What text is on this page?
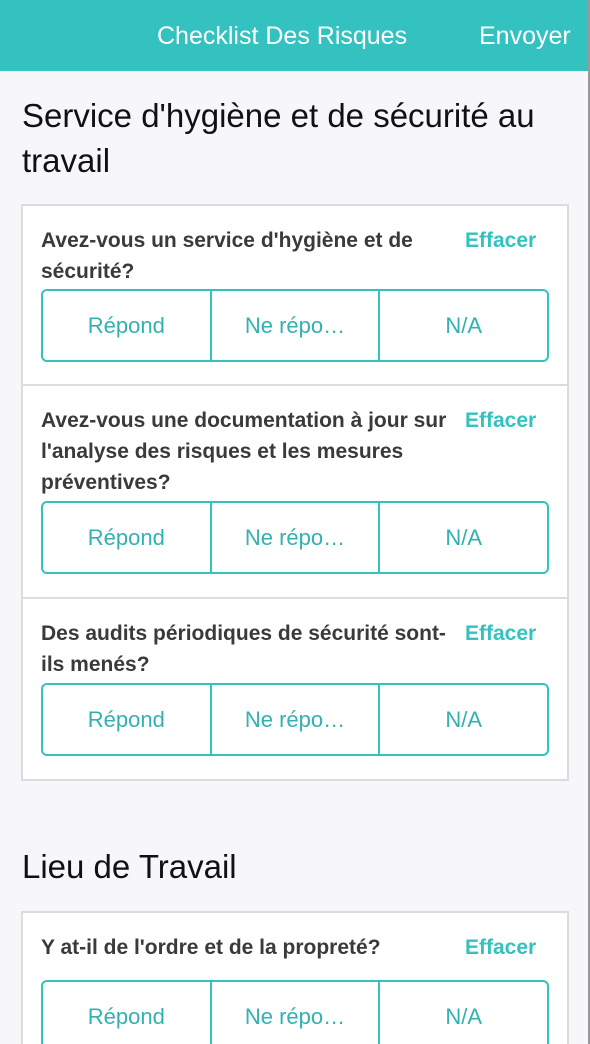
Checklist Des Risques	Envoyer
Service d'hygiène et de sécurité au travail
Avez-vous un service d'hygiène et de sécurité?
Effacer
Répond	Ne répo…	N/A
Avez-vous une documentation à jour sur l'analyse des risques et les mesures préventives?
Effacer
Répond	Ne répo…	N/A
Des audits périodiques de sécurité sont-ils menés?
Effacer
Répond	Ne répo…	N/A
Lieu de Travail
Y at-il de l'ordre et de la propreté?	Effacer
Répond	Ne répo…	N/A
